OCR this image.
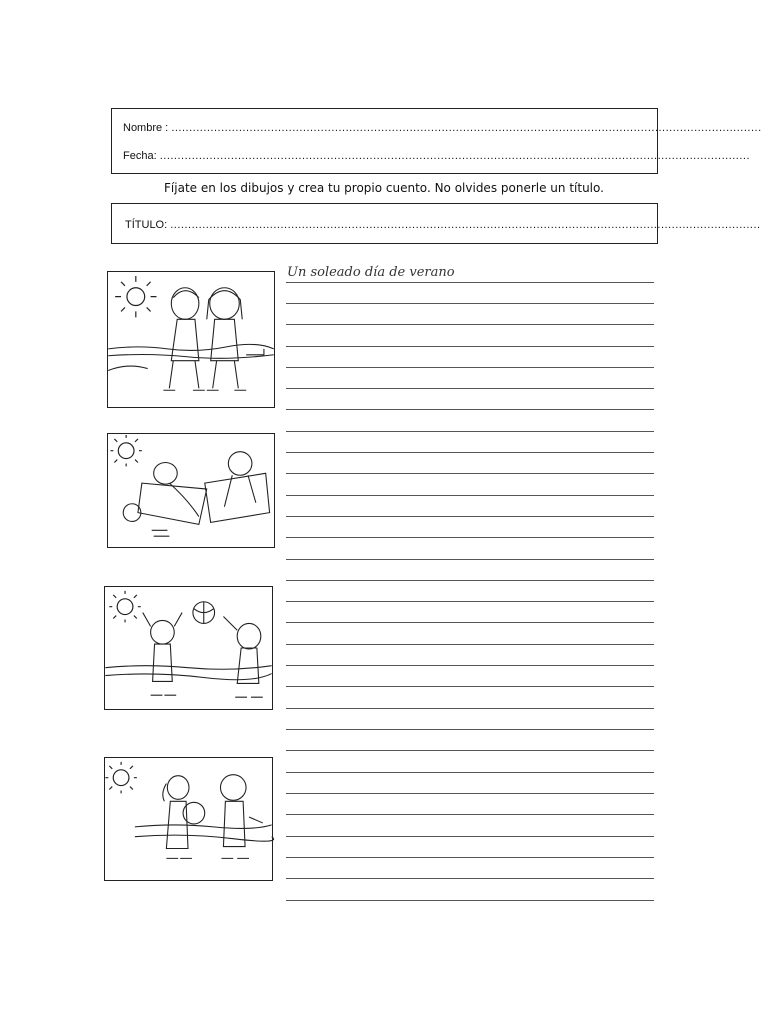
Nombre : ......................................................................................................................................................................
Fecha: ......................................................................................................................................................................
Fíjate en los dibujos y crea tu propio cuento. No olvides ponerle un título.
TÍTULO: ......................................................................................................................................................................
Un soleado día de verano
